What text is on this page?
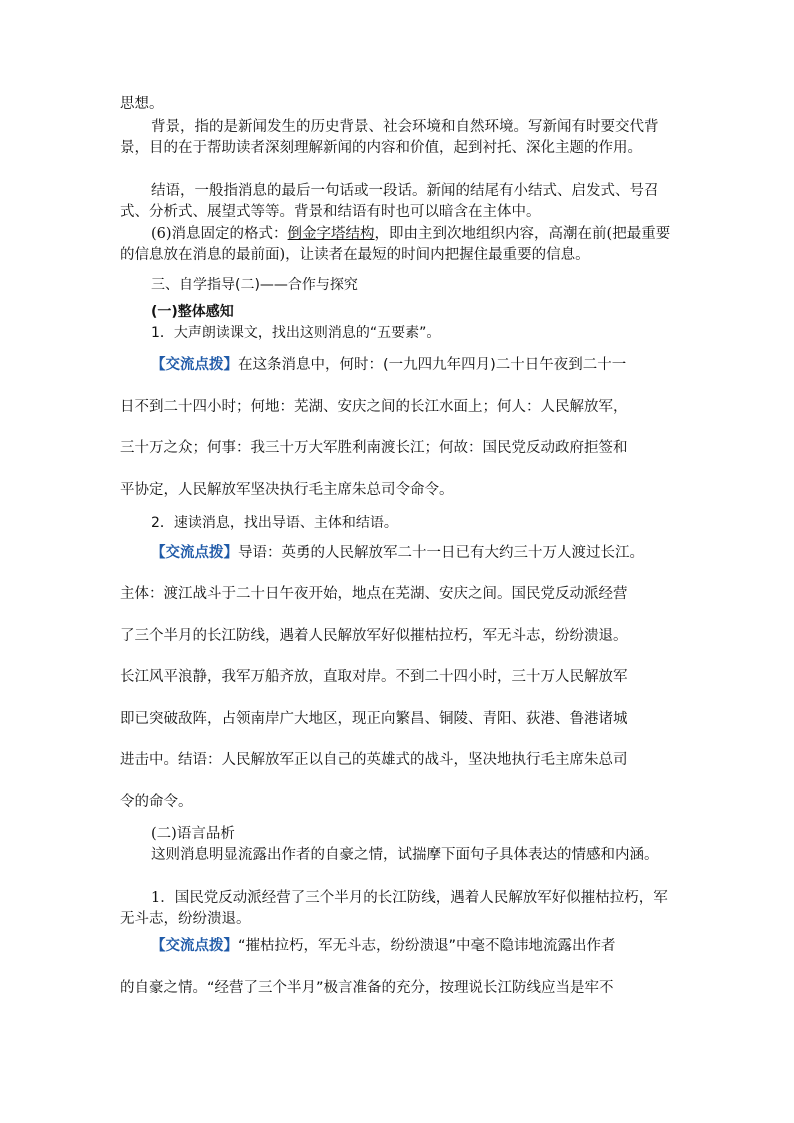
思想。

背景，指的是新闻发生的历史背景、社会环境和自然环境。写新闻有时要交代背景，目的在于帮助读者深刻理解新闻的内容和价值，起到衬托、深化主题的作用。

结语，一般指消息的最后一句话或一段话。新闻的结尾有小结式、启发式、号召式、分析式、展望式等等。背景和结语有时也可以暗含在主体中。

(6)消息固定的格式：倒金字塔结构，即由主到次地组织内容，高潮在前(把最重要的信息放在消息的最前面)，让读者在最短的时间内把握住最重要的信息。

三、自学指导(二)——合作与探究
(一)整体感知
1．大声朗读课文，找出这则消息的“五要素”。
【交流点拨】在这条消息中，何时：(一九四九年四月)二十日午夜到二十一
日不到二十四小时；何地：芜湖、安庆之间的长江水面上；何人：人民解放军，
三十万之众；何事：我三十万大军胜利南渡长江；何故：国民党反动政府拒签和
平协定，人民解放军坚决执行毛主席朱总司令命令。
2．速读消息，找出导语、主体和结语。
【交流点拨】导语：英勇的人民解放军二十一日已有大约三十万人渡过长江。
主体：渡江战斗于二十日午夜开始，地点在芜湖、安庆之间。国民党反动派经营
了三个半月的长江防线，遇着人民解放军好似摧枯拉朽，军无斗志，纷纷溃退。
长江风平浪静，我军万船齐放，直取对岸。不到二十四小时，三十万人民解放军
即已突破敌阵，占领南岸广大地区，现正向繁昌、铜陵、青阳、荻港、鲁港诸城
进击中。结语：人民解放军正以自己的英雄式的战斗，坚决地执行毛主席朱总司
令的命令。
(二)语言品析

这则消息明显流露出作者的自豪之情，试揣摩下面句子具体表达的情感和内涵。

1．国民党反动派经营了三个半月的长江防线，遇着人民解放军好似摧枯拉朽，军无斗志，纷纷溃退。

【交流点拨】“摧枯拉朽，军无斗志，纷纷溃退”中毫不隐讳地流露出作者
的自豪之情。“经营了三个半月”极言准备的充分，按理说长江防线应当是牢不
